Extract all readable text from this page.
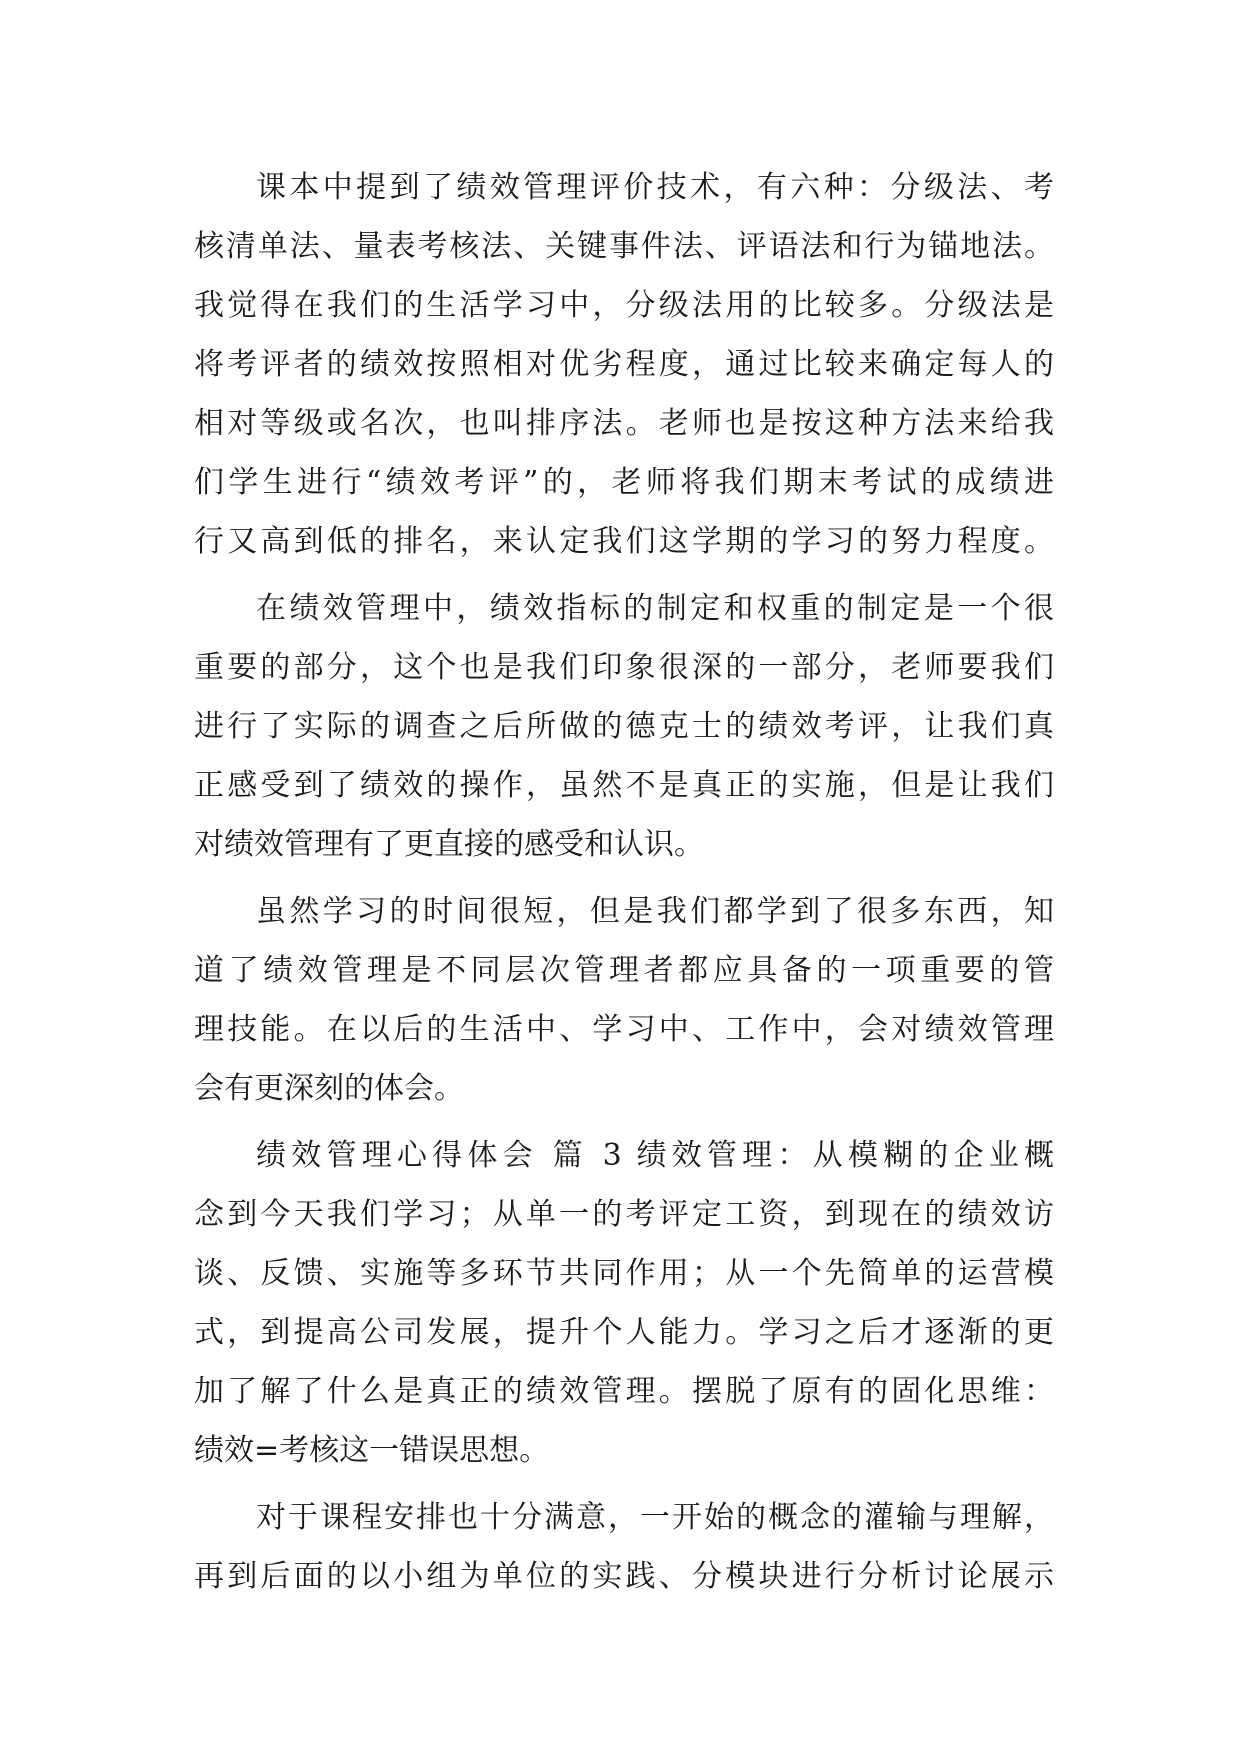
课本中提到了绩效管理评价技术，有六种：分级法、考
核清单法、量表考核法、关键事件法、评语法和行为锚地法。
我觉得在我们的生活学习中，分级法用的比较多。分级法是
将考评者的绩效按照相对优劣程度，通过比较来确定每人的
相对等级或名次，也叫排序法。老师也是按这种方法来给我
们学生进行“绩效考评”的，老师将我们期末考试的成绩进
行又高到低的排名，来认定我们这学期的学习的努力程度。
在绩效管理中，绩效指标的制定和权重的制定是一个很
重要的部分，这个也是我们印象很深的一部分，老师要我们
进行了实际的调查之后所做的德克士的绩效考评，让我们真
正感受到了绩效的操作，虽然不是真正的实施，但是让我们
对绩效管理有了更直接的感受和认识。
虽然学习的时间很短，但是我们都学到了很多东西，知
道了绩效管理是不同层次管理者都应具备的一项重要的管
理技能。在以后的生活中、学习中、工作中，会对绩效管理
会有更深刻的体会。
绩效管理心得体会 篇 3 绩效管理：从模糊的企业概
念到今天我们学习；从单一的考评定工资，到现在的绩效访
谈、反馈、实施等多环节共同作用；从一个先简单的运营模
式，到提高公司发展，提升个人能力。学习之后才逐渐的更
加了解了什么是真正的绩效管理。摆脱了原有的固化思维：
绩效=考核这一错误思想。
对于课程安排也十分满意，一开始的概念的灌输与理解，
再到后面的以小组为单位的实践、分模块进行分析讨论展示
